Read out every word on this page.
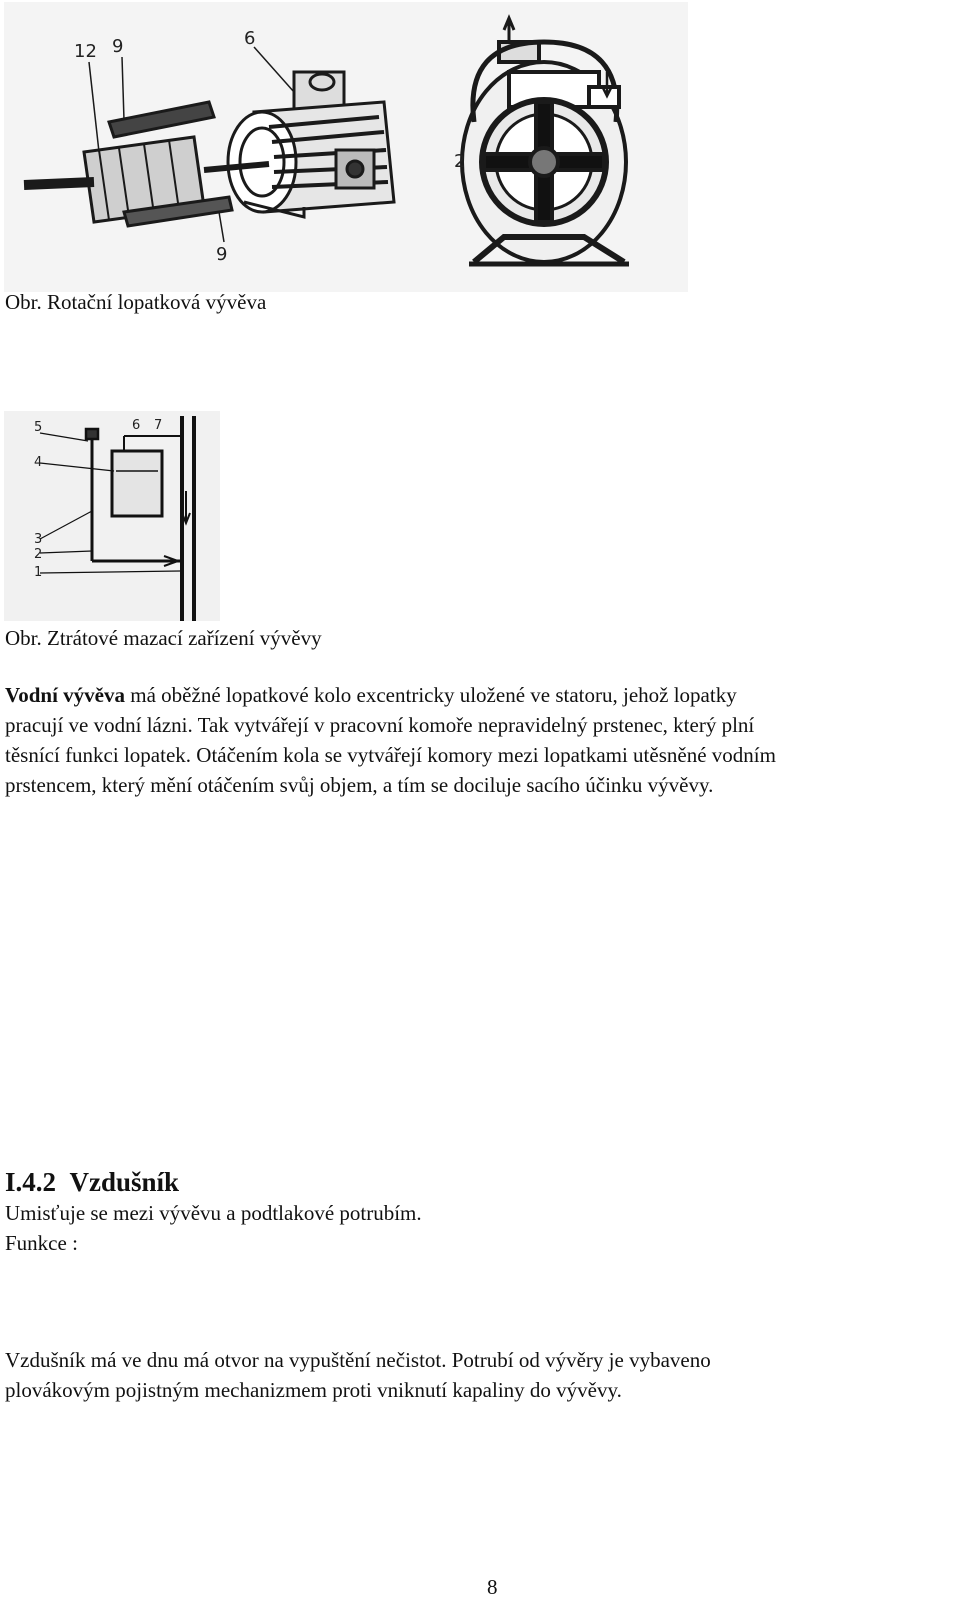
12 9	6
9
2
Obr. Rotační lopatková vývěva
5
4
3
2
1
6 7
Obr. Ztrátové mazací zařízení vývěvy
Vodní vývěva má oběžné lopatkové kolo excentricky uložené ve statoru, jehož lopatky
pracují ve vodní lázni. Tak vytvářejí v pracovní komoře nepravidelný prstenec, který plní
těsnící funkci lopatek. Otáčením kola se vytvářejí komory mezi lopatkami utěsněné vodním
prstencem, který mění otáčením svůj objem, a tím se dociluje sacího účinku vývěvy.
I.4.2 Vzdušník
Umisťuje se mezi vývěvu a podtlakové potrubím.
Funkce :
Vzdušník má ve dnu má otvor na vypuštění nečistot. Potrubí od vývěry je vybaveno
plovákovým pojistným mechanizmem proti vniknutí kapaliny do vývěvy.
8
